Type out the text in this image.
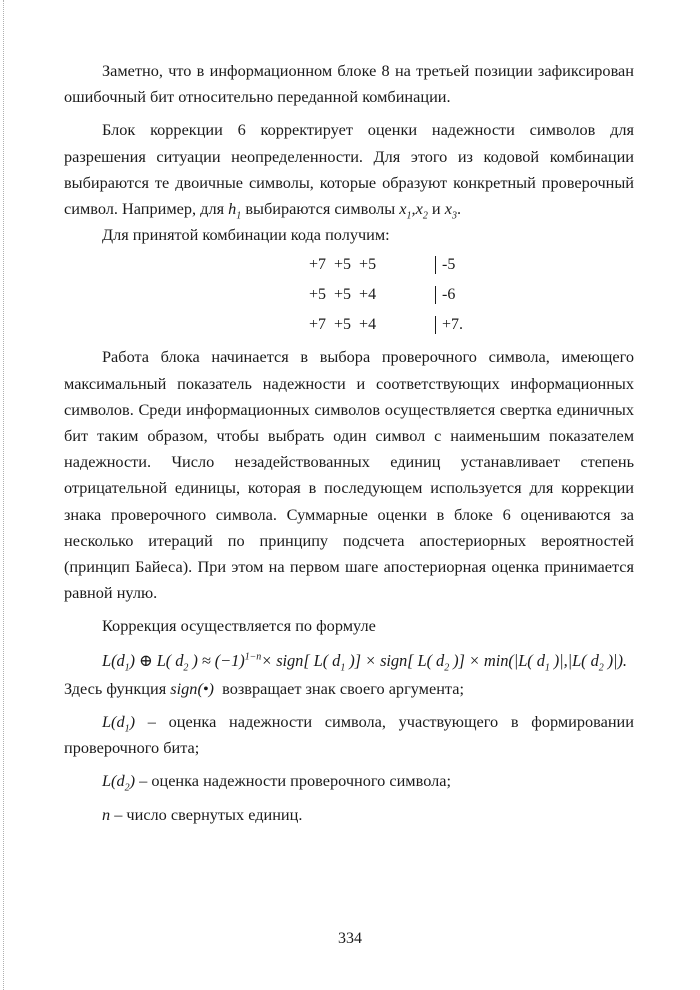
Заметно, что в информационном блоке 8 на третьей позиции зафиксирован ошибочный бит относительно переданной комбинации.

Блок коррекции 6 корректирует оценки надежности символов для разрешения ситуации неопределенности. Для этого из кодовой комбинации выбираются те двоичные символы, которые образуют конкретный проверочный символ. Например, для $h_1$ выбираются символы $x_1,x_2$ и $x_3$.

Для принятой комбинации кода получим:

+7  +5  +5	-5
+5  +5  +4	-6
+7  +5  +4	+7.

Работа блока начинается в выбора проверочного символа, имеющего максимальный показатель надежности и соответствующих информационных символов. Среди информационных символов осуществляется свертка единичных бит таким образом, чтобы выбрать один символ с наименьшим показателем надежности. Число незадействованных единиц устанавливает степень отрицательной единицы, которая в последующем используется для коррекции знака проверочного символа. Суммарные оценки в блоке 6 оцениваются за несколько итераций по принципу подсчета апостериорных вероятностей (принцип Байеса). При этом на первом шаге апостериорная оценка принимается равной нулю.

Коррекция осуществляется по формуле

$L(d_1)$ ⊕ L( $d_2$ ) ≈ $(-1)^{1-n}\times$ sign[ L( $d_1$ )] × sign[ L( $d_2$ )] × min(|L( $d_1$ )|,|L( $d_2$ )|).

Здесь функция sign(•) возвращает знак своего аргумента;

$L(d_1)$ – оценка надежности символа, участвующего в формировании проверочного бита;

$L(d_2)$ – оценка надежности проверочного символа;

n – число свернутых единиц.

334
